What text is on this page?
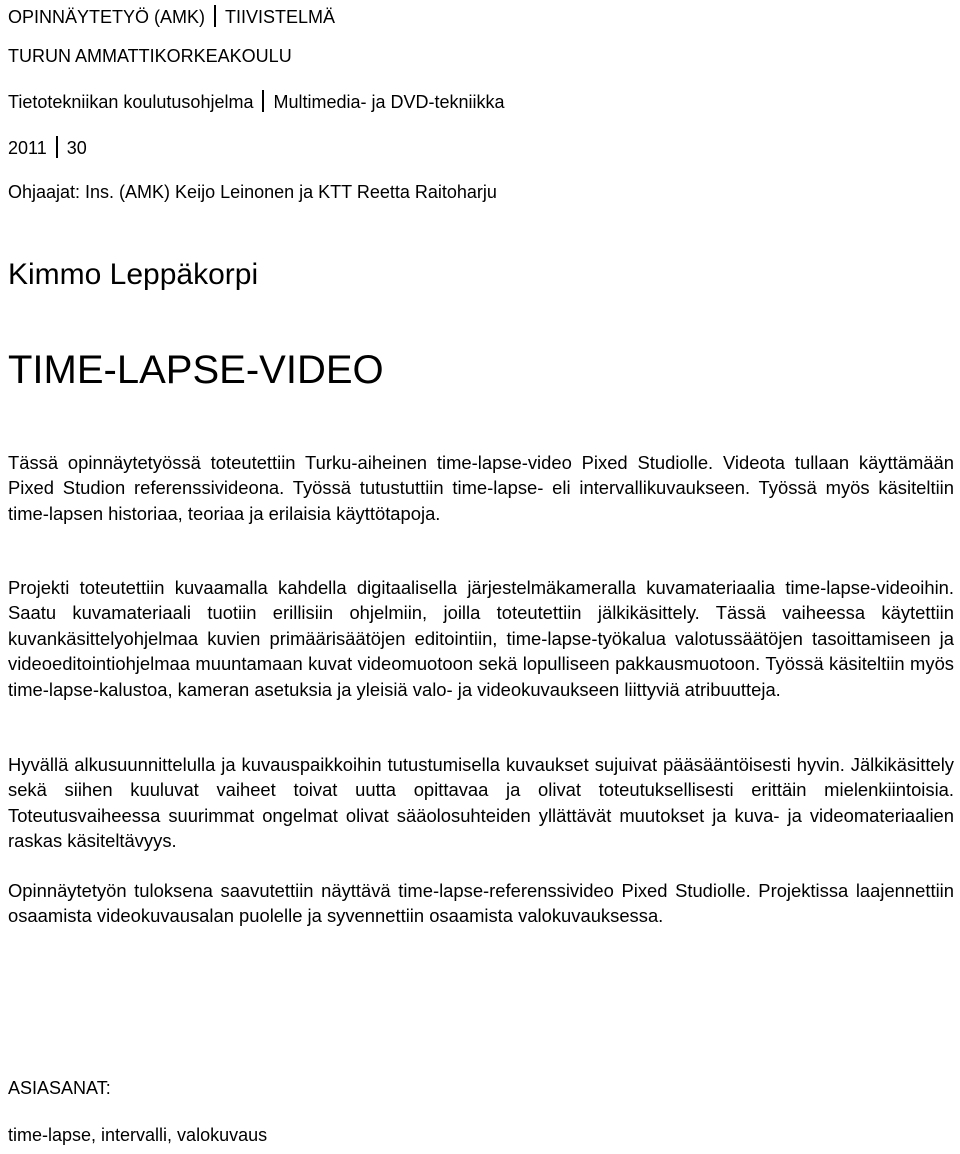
OPINNÄYTETYÖ (AMK) TIIVISTELMÄ
TURUN AMMATTIKORKEAKOULU
Tietotekniikan koulutusohjelma Multimedia- ja DVD-tekniikka
2011 30
Ohjaajat: Ins. (AMK) Keijo Leinonen ja KTT Reetta Raitoharju
Kimmo Leppäkorpi
TIME-LAPSE-VIDEO

Tässä opinnäytetyössä toteutettiin Turku-aiheinen time-lapse-video Pixed Studiolle. Videota tullaan käyttämään Pixed Studion referenssivideona. Työssä tutustuttiin time-lapse- eli intervallikuvaukseen. Työssä myös käsiteltiin time-lapsen historiaa, teoriaa ja erilaisia käyttötapoja.

Projekti toteutettiin kuvaamalla kahdella digitaalisella järjestelmäkameralla kuvamateriaalia time-lapse-videoihin. Saatu kuvamateriaali tuotiin erillisiin ohjelmiin, joilla toteutettiin jälkikäsittely. Tässä vaiheessa käytettiin kuvankäsittelyohjelmaa kuvien primäärisäätöjen editointiin, time-lapse-työkalua valotussäätöjen tasoittamiseen ja videoeditointiohjelmaa muuntamaan kuvat videomuotoon sekä lopulliseen pakkausmuotoon. Työssä käsiteltiin myös time-lapse-kalustoa, kameran asetuksia ja yleisiä valo- ja videokuvaukseen liittyviä atribuutteja.

Hyvällä alkusuunnittelulla ja kuvauspaikkoihin tutustumisella kuvaukset sujuivat pääsääntöisesti hyvin. Jälkikäsittely sekä siihen kuuluvat vaiheet toivat uutta opittavaa ja olivat toteutuksellisesti erittäin mielenkiintoisia. Toteutusvaiheessa suurimmat ongelmat olivat sääolosuhteiden yllättävät muutokset ja kuva- ja videomateriaalien raskas käsiteltävyys.

Opinnäytetyön tuloksena saavutettiin näyttävä time-lapse-referenssivideo Pixed Studiolle. Projektissa laajennettiin osaamista videokuvausalan puolelle ja syvennettiin osaamista valokuvauksessa.

ASIASANAT:
time-lapse, intervalli, valokuvaus
